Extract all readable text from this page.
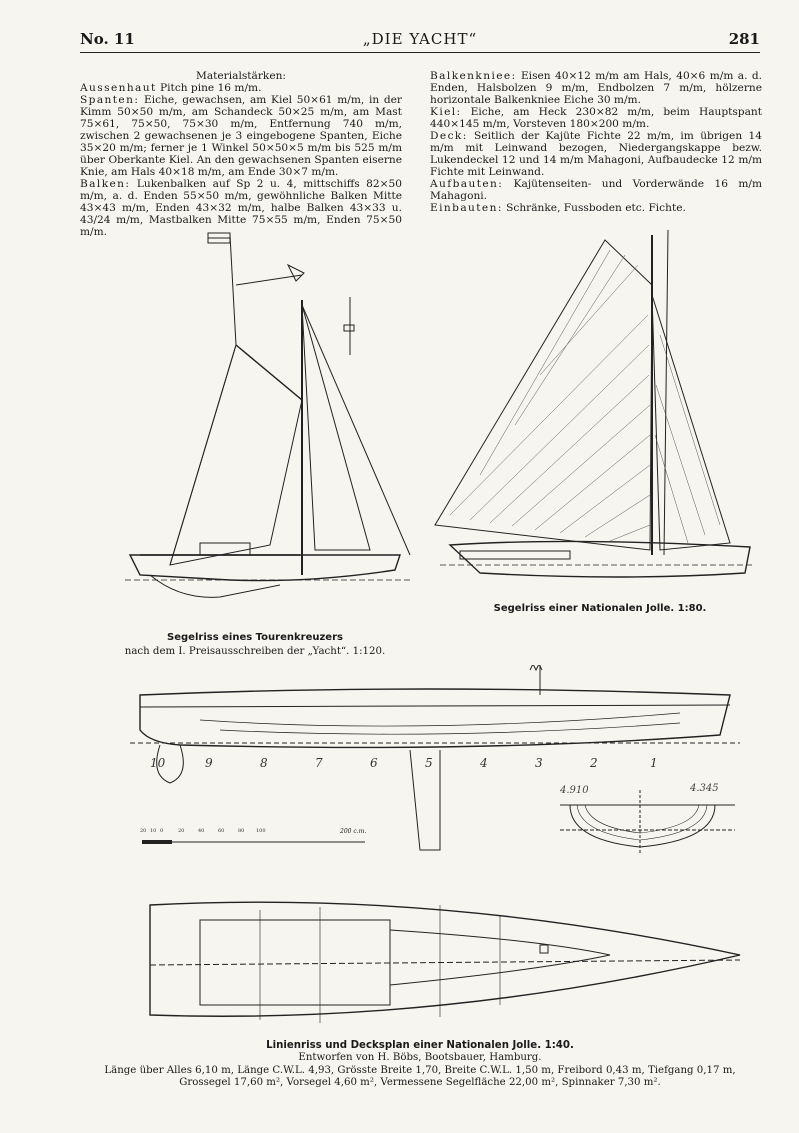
No. 11	„DIE YACHT“	281

Materialstärken:

Aussenhaut Pitch pine 16 m/m.

Spanten: Eiche, gewachsen, am Kiel 50×61 m/m, in der Kimm 50×50 m/m, am Schandeck 50×25 m/m, am Mast 75×61, 75×50, 75×30 m/m, Entfernung 740 m/m, zwischen 2 gewachsenen je 3 eingebogene Spanten, Eiche 35×20 m/m; ferner je 1 Winkel 50×50×5 m/m bis 525 m/m über Oberkante Kiel. An den gewachsenen Spanten eiserne Knie, am Hals 40×18 m/m, am Ende 30×7 m/m.

Balken: Lukenbalken auf Sp 2 u. 4, mittschiffs 82×50 m/m, a. d. Enden 55×50 m/m, gewöhnliche Balken Mitte 43×43 m/m, Enden 43×32 m/m, halbe Balken 43×33 u. 43/24 m/m, Mastbalken Mitte 75×55 m/m, Enden 75×50 m/m.

Balkenkniee: Eisen 40×12 m/m am Hals, 40×6 m/m a. d. Enden, Halsbolzen 9 m/m, Endbolzen 7 m/m, hölzerne horizontale Balkenkniee Eiche 30 m/m.

Kiel: Eiche, am Heck 230×82 m/m, beim Hauptspant 440×145 m/m, Vorsteven 180×200 m/m.

Deck: Seitlich der Kajüte Fichte 22 m/m, im übrigen 14 m/m mit Leinwand bezogen, Niedergangskappe bezw. Lukendeckel 12 und 14 m/m Mahagoni, Aufbaudecke 12 m/m Fichte mit Leinwand.

Aufbauten: Kajütenseiten- und Vorderwände 16 m/m Mahagoni.

Einbauten: Schränke, Fussboden etc. Fichte.

Segelriss eines Tourenkreuzers
nach dem I. Preisausschreiben der „Yacht“. 1:120.
Segelriss einer Nationalen Jolle. 1:80.
10	9	8	7	6	5	4	3	2	1
20 10 0	20	40	60	80 100	200 c.m.
4.910	4.345
Linienriss und Decksplan einer Nationalen Jolle. 1:40.
Entworfen von H. Böbs, Bootsbauer, Hamburg.
Länge über Alles 6,10 m, Länge C.W.L. 4,93, Grösste Breite 1,70, Breite C.W.L. 1,50 m, Freibord 0,43 m, Tiefgang 0,17 m,
Grossegel 17,60 m², Vorsegel 4,60 m², Vermessene Segelfläche 22,00 m², Spinnaker 7,30 m².
